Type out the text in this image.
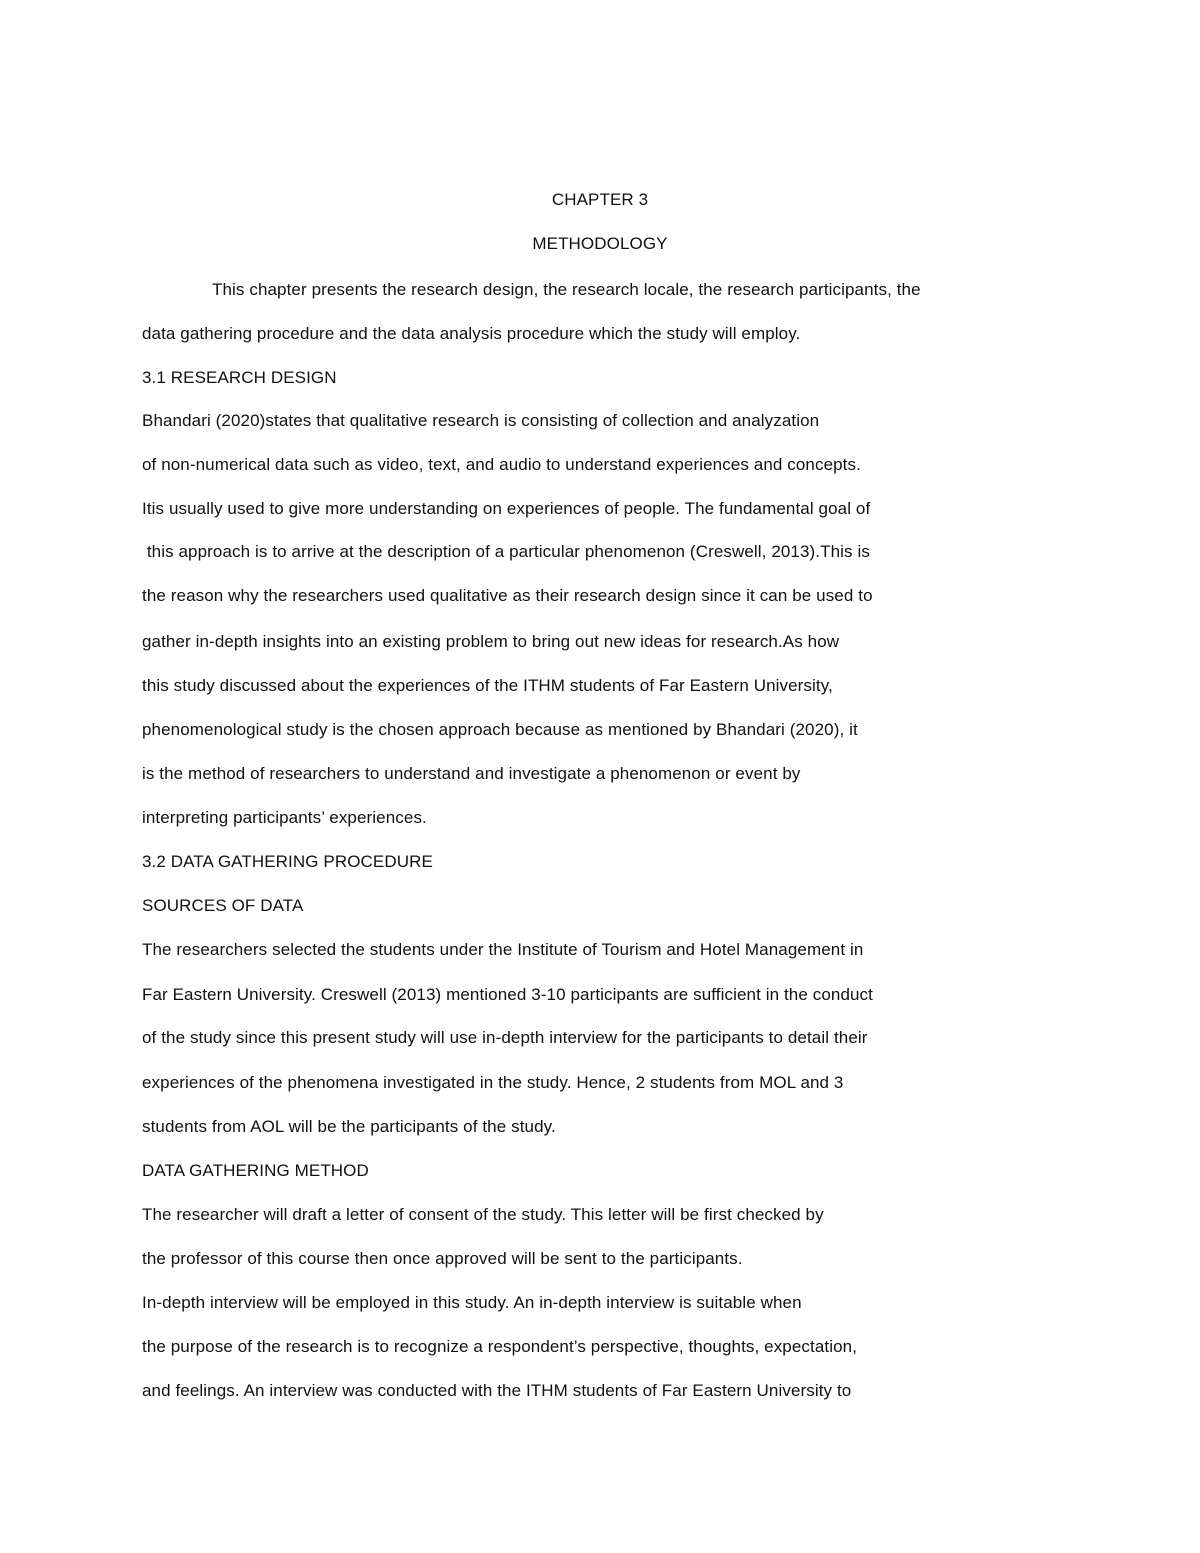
CHAPTER 3
METHODOLOGY
This chapter presents the research design, the research locale, the research participants, the
data gathering procedure and the data analysis procedure which the study will employ.
3.1 RESEARCH DESIGN
Bhandari (2020)states that qualitative research is consisting of collection and analyzation
of non-numerical data such as video, text, and audio to understand experiences and concepts.
Itis usually used to give more understanding on experiences of people. The fundamental goal of
this approach is to arrive at the description of a particular phenomenon (Creswell, 2013).This is
the reason why the researchers used qualitative as their research design since it can be used to
gather in-depth insights into an existing problem to bring out new ideas for research.As how
this study discussed about the experiences of the ITHM students of Far Eastern University,
phenomenological study is the chosen approach because as mentioned by Bhandari (2020), it
is the method of researchers to understand and investigate a phenomenon or event by
interpreting participants’ experiences.
3.2 DATA GATHERING PROCEDURE
SOURCES OF DATA
The researchers selected the students under the Institute of Tourism and Hotel Management in
Far Eastern University. Creswell (2013) mentioned 3-10 participants are sufficient in the conduct
of the study since this present study will use in-depth interview for the participants to detail their
experiences of the phenomena investigated in the study. Hence, 2 students from MOL and 3
students from AOL will be the participants of the study.
DATA GATHERING METHOD
The researcher will draft a letter of consent of the study. This letter will be first checked by
the professor of this course then once approved will be sent to the participants.
In-depth interview will be employed in this study. An in-depth interview is suitable when
the purpose of the research is to recognize a respondent’s perspective, thoughts, expectation,
and feelings. An interview was conducted with the ITHM students of Far Eastern University to
